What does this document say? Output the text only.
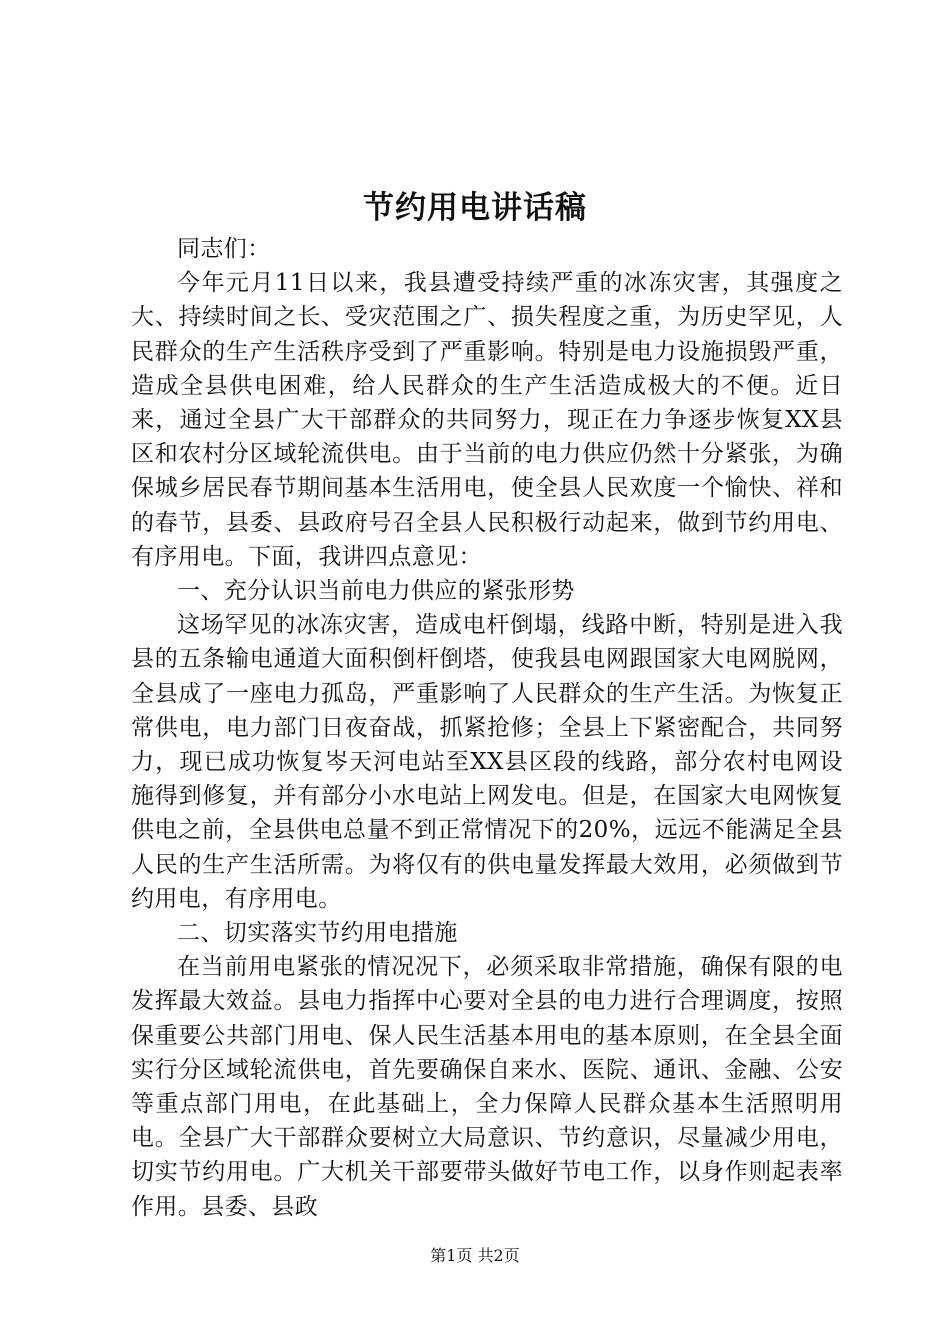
节约用电讲话稿

同志们：

今年元月11日以来，我县遭受持续严重的冰冻灾害，其强度之大、持续时间之长、受灾范围之广、损失程度之重，为历史罕见，人民群众的生产生活秩序受到了严重影响。特别是电力设施损毁严重，造成全县供电困难，给人民群众的生产生活造成极大的不便。近日来，通过全县广大干部群众的共同努力，现正在力争逐步恢复XX县区和农村分区域轮流供电。由于当前的电力供应仍然十分紧张，为确保城乡居民春节期间基本生活用电，使全县人民欢度一个愉快、祥和的春节，县委、县政府号召全县人民积极行动起来，做到节约用电、有序用电。下面，我讲四点意见：

一、充分认识当前电力供应的紧张形势

这场罕见的冰冻灾害，造成电杆倒塌，线路中断，特别是进入我县的五条输电通道大面积倒杆倒塔，使我县电网跟国家大电网脱网，全县成了一座电力孤岛，严重影响了人民群众的生产生活。为恢复正常供电，电力部门日夜奋战，抓紧抢修；全县上下紧密配合，共同努力，现已成功恢复岑天河电站至XX县区段的线路，部分农村电网设施得到修复，并有部分小水电站上网发电。但是，在国家大电网恢复供电之前，全县供电总量不到正常情况下的20%，远远不能满足全县人民的生产生活所需。为将仅有的供电量发挥最大效用，必须做到节约用电，有序用电。

二、切实落实节约用电措施

在当前用电紧张的情况况下，必须采取非常措施，确保有限的电发挥最大效益。县电力指挥中心要对全县的电力进行合理调度，按照保重要公共部门用电、保人民生活基本用电的基本原则，在全县全面实行分区域轮流供电，首先要确保自来水、医院、通讯、金融、公安等重点部门用电，在此基础上，全力保障人民群众基本生活照明用电。全县广大干部群众要树立大局意识、节约意识，尽量减少用电，切实节约用电。广大机关干部要带头做好节电工作，以身作则起表率作用。县委、县政

第1页 共2页
